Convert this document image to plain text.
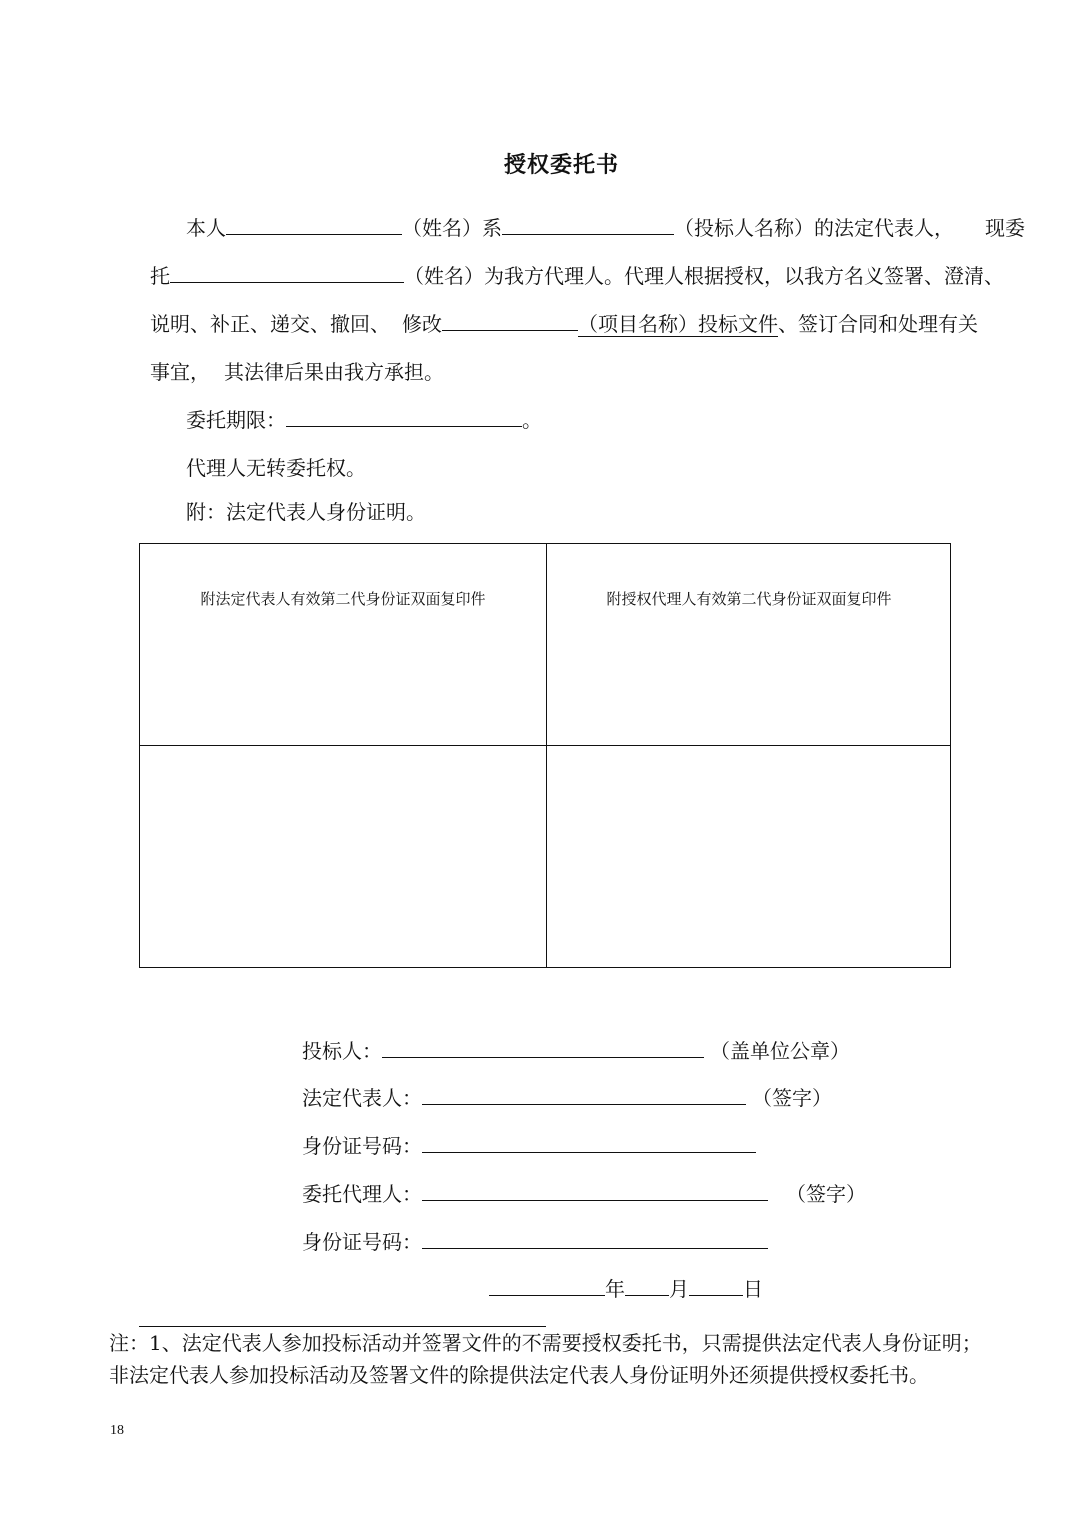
授权委托书
本人	（姓名）系	（投标人名称）的法定代表人， 现委
托	（姓名）为我方代理人。代理人根据授权，以我方名义签署、澄清、
说明、补正、递交、撤回、 修改	（项目名称）投标文件、签订合同和处理有关
事宜， 其法律后果由我方承担。
委托期限：	。
代理人无转委托权。
附：法定代表人身份证明。
附法定代表人有效第二代身份证双面复印件	附授权代理人有效第二代身份证双面复印件
投标人：	（盖单位公章）
法定代表人：	（签字）
身份证号码：
委托代理人：	（签字）
身份证号码：
年 月	日
注：1、法定代表人参加投标活动并签署文件的不需要授权委托书，只需提供法定代表人身份证明；
非法定代表人参加投标活动及签署文件的除提供法定代表人身份证明外还须提供授权委托书。
18
